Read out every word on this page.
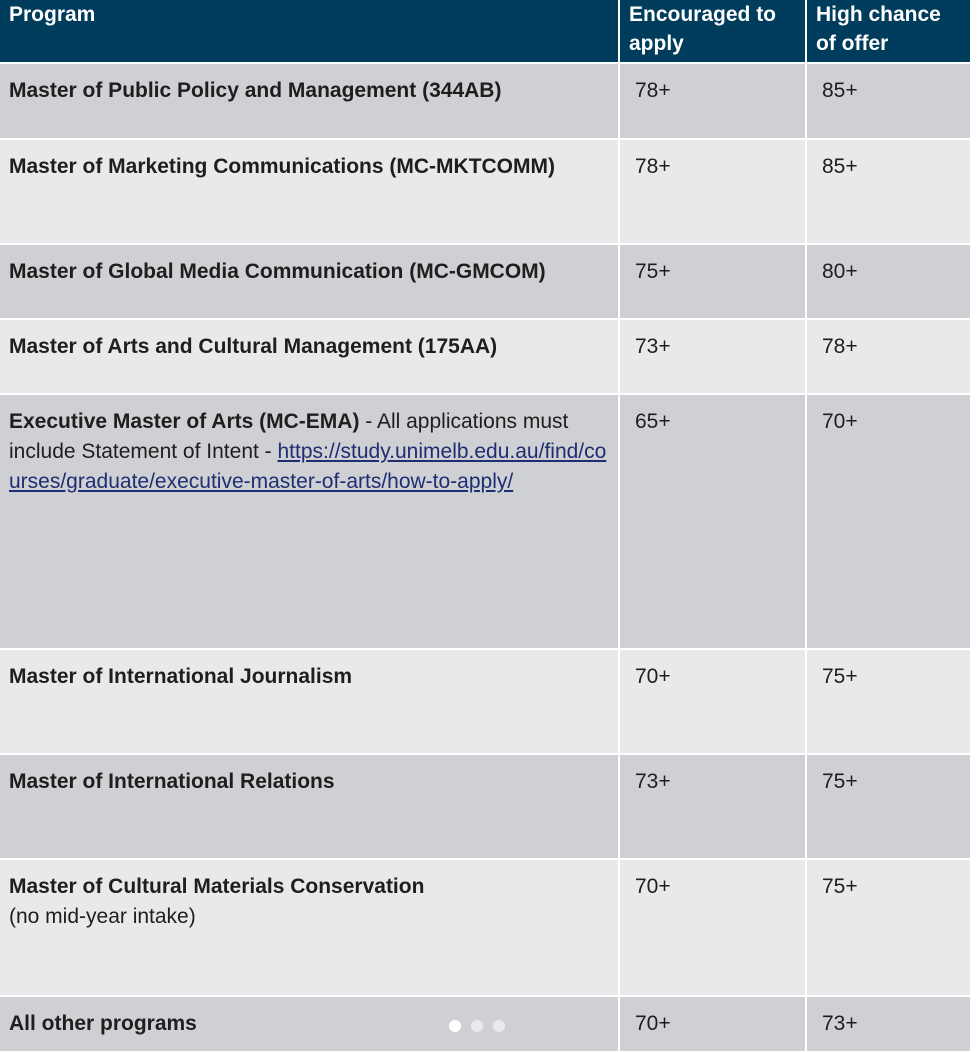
Program	Encouraged to apply	High chance of offer
Master of Public Policy and Management (344AB)	78+	85+
Master of Marketing Communications (MC-MKTCOMM)	78+	85+
Master of Global Media Communication (MC-GMCOM)	75+	80+
Master of Arts and Cultural Management (175AA)	73+	78+
Executive Master of Arts (MC-EMA) - All applications must include Statement of Intent - https://study.unimelb.edu.au/find/courses/graduate/executive-master-of-arts/how-to-apply/	65+	70+
Master of International Journalism	70+	75+
Master of International Relations	73+	75+

Master of Cultural Materials Conservation
(no mid-year intake)	70+	75+
All other programs	70+	73+
